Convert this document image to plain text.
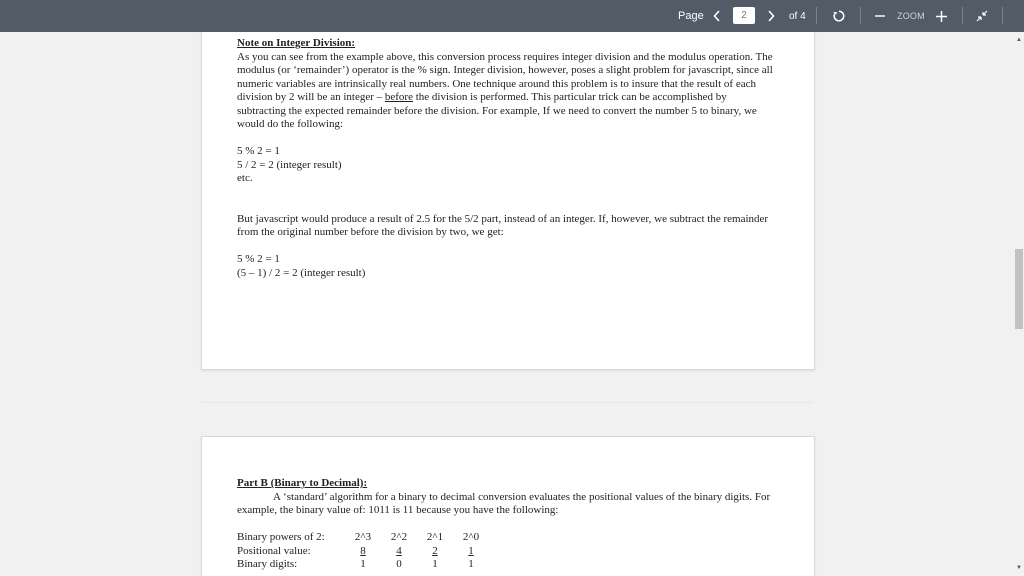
Page
2	of 4	ZOOM
Note on Integer Division:

As you can see from the example above, this conversion process requires integer division and the modulus operation. The modulus (or ‘remainder’) operator is the % sign. Integer division, however, poses a slight problem for javascript, since all numeric variables are intrinsically real numbers. One technique around this problem is to insure that the result of each division by 2 will be an integer – before the division is performed. This particular trick can be accomplished by subtracting the expected remainder before the division. For example, If we need to convert the number 5 to binary, we would do the following:

5 % 2 = 1
5 / 2 = 2 (integer result)
etc.

But javascript would produce a result of 2.5 for the 5/2 part, instead of an integer. If, however, we subtract the remainder from the original number before the division by two, we get:

5 % 2 = 1
(5 – 1) / 2 = 2 (integer result)
Part B (Binary to Decimal):

A ‘standard’ algorithm for a binary to decimal conversion evaluates the positional values of the binary digits. For example, the binary value of: 1011 is 11 because you have the following:

Binary powers of 2:	2^3	2^2	2^1	2^0
Positional value:	8	4	2	1
Binary digits:	1	0	1	1
▲
▼
